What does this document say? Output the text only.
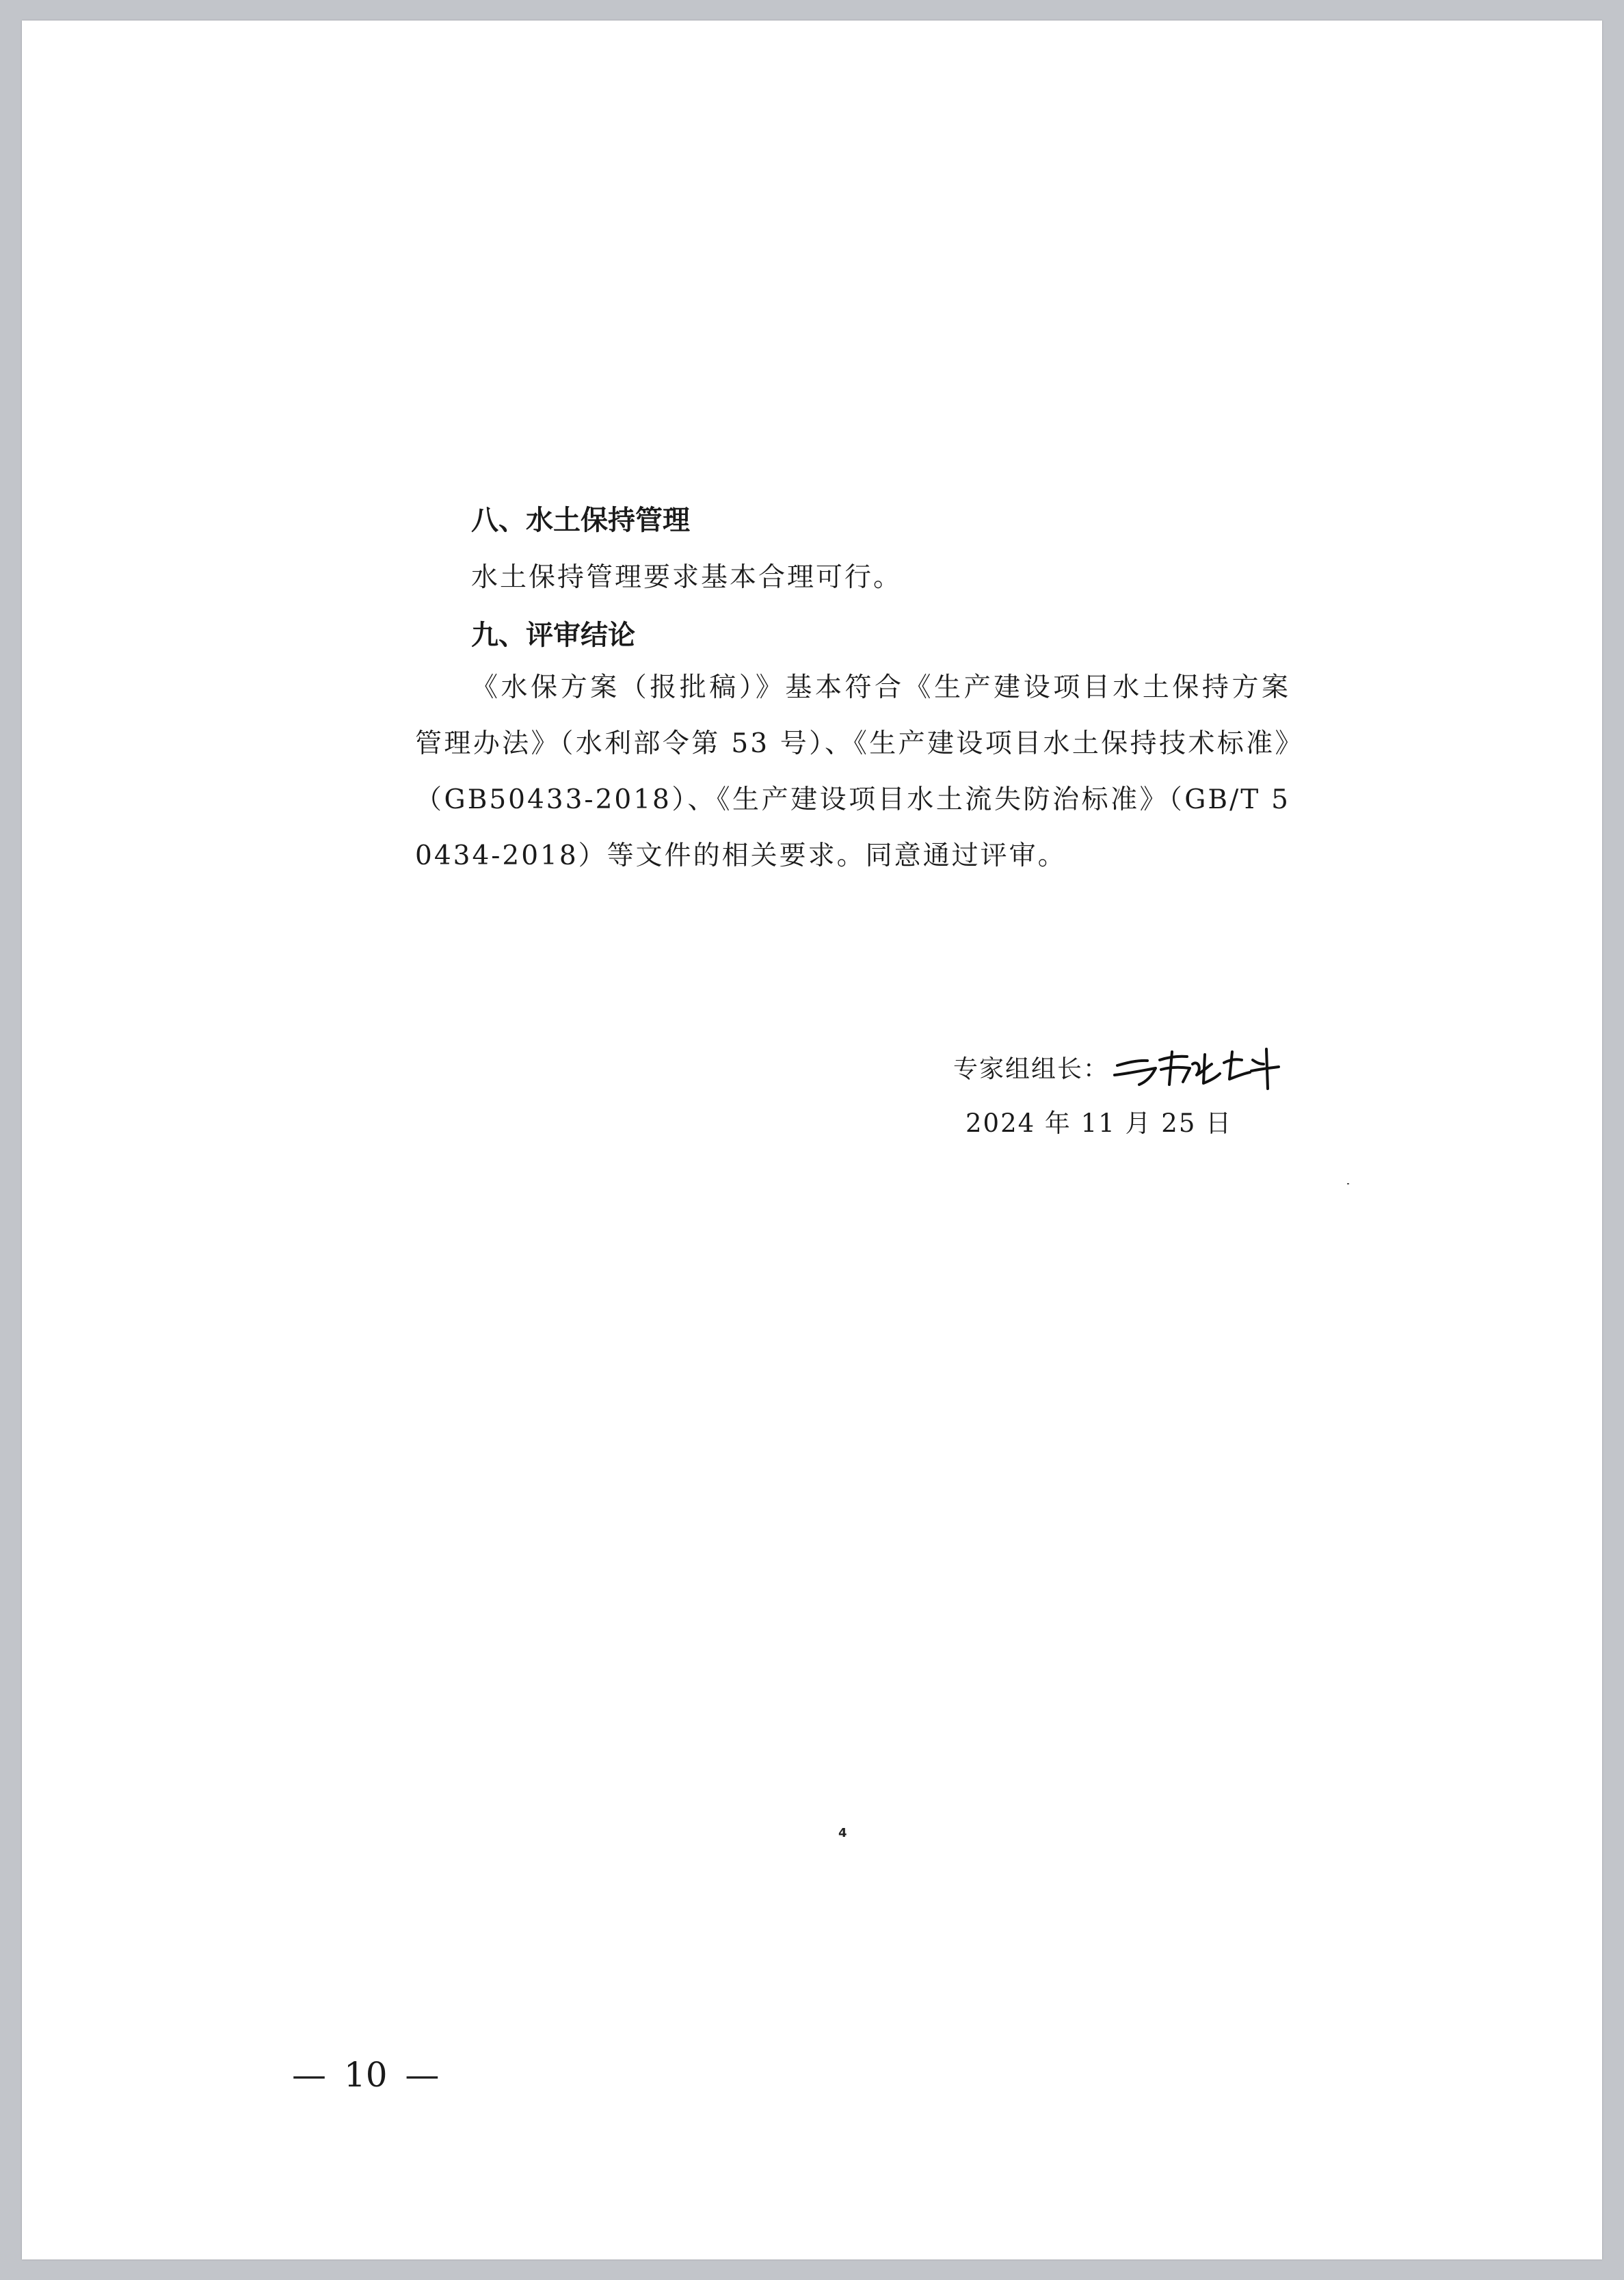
八、水土保持管理

水土保持管理要求基本合理可行。

九、评审结论

《水保方案（报批稿）》基本符合《生产建设项目水土保持方案管理办法》（水利部令第 53 号）、《生产建设项目水土保持技术标准》（GB50433-2018）、《生产建设项目水土流失防治标准》（GB/T 50434-2018）等文件的相关要求。同意通过评审。

专家组组长：
2024 年 11 月 25 日
4
— 10 —
